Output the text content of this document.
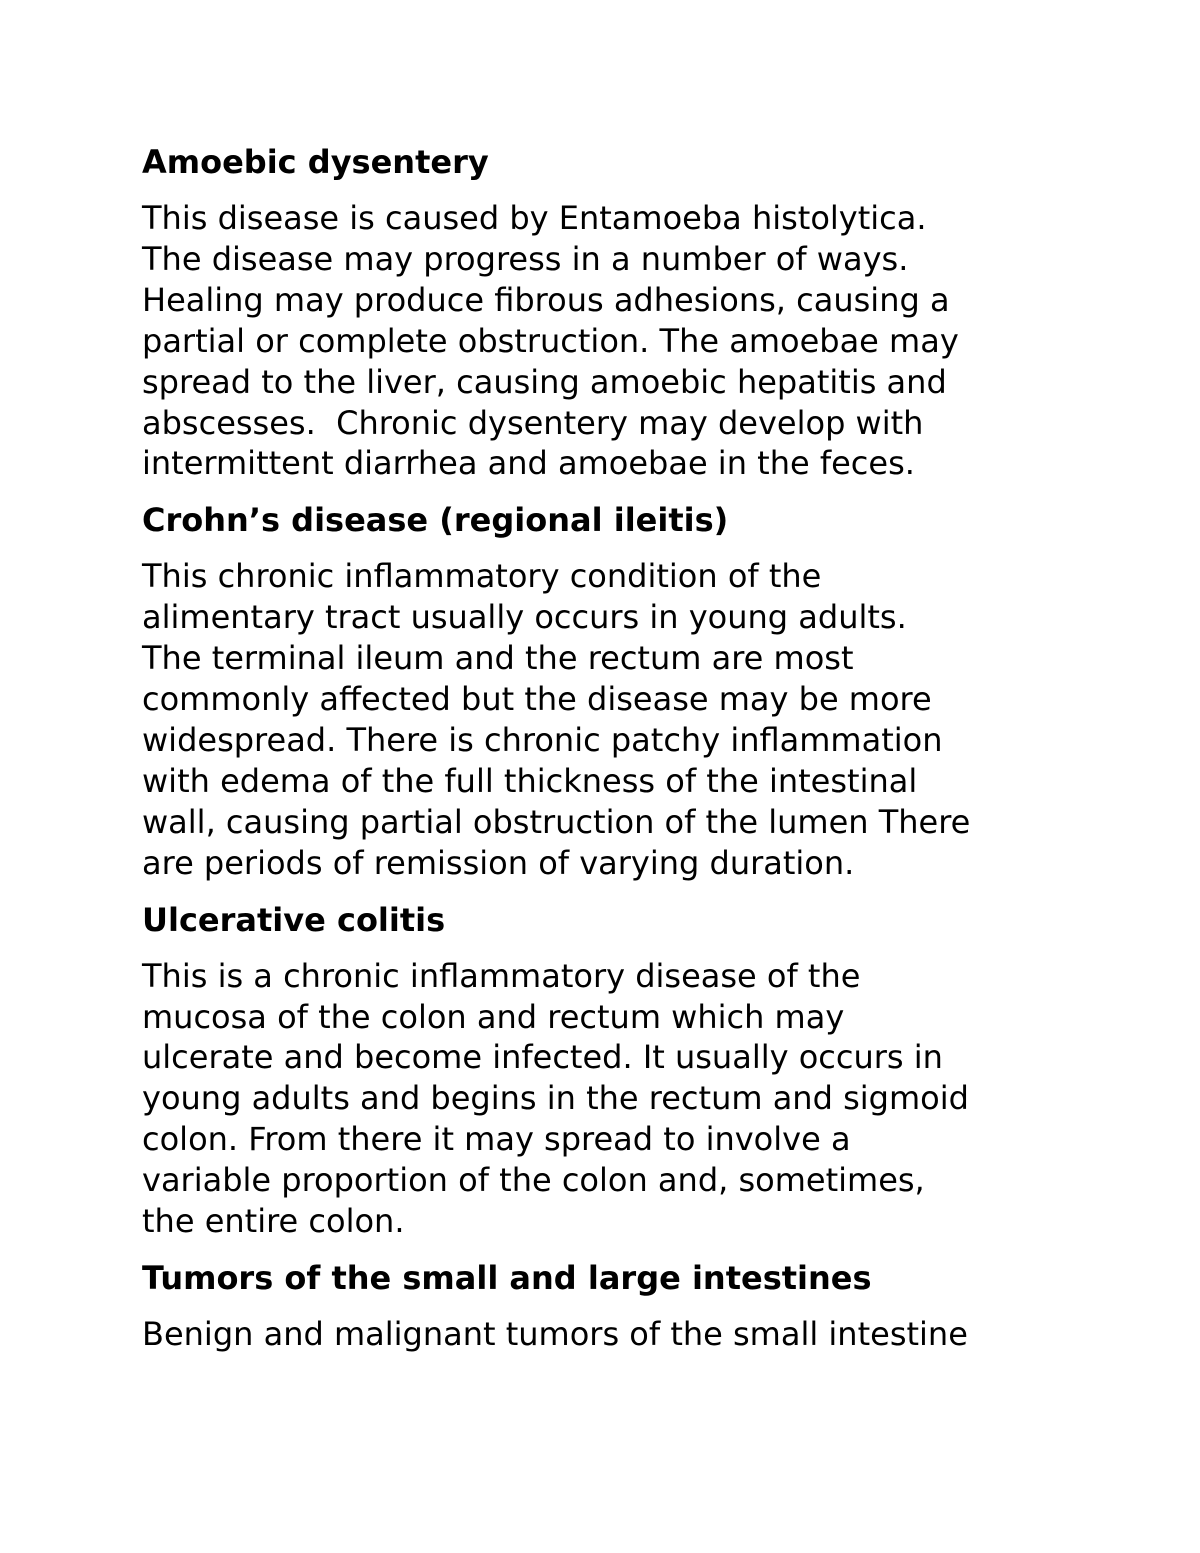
Amoebic dysentery
This disease is caused by Entamoeba histolytica.
The disease may progress in a number of ways.
Healing may produce fibrous adhesions, causing a
partial or complete obstruction. The amoebae may
spread to the liver, causing amoebic hepatitis and
abscesses.  Chronic dysentery may develop with
intermittent diarrhea and amoebae in the feces.
Crohn’s disease (regional ileitis)
This chronic inflammatory condition of the
alimentary tract usually occurs in young adults.
The terminal ileum and the rectum are most
commonly affected but the disease may be more
widespread. There is chronic patchy inflammation
with edema of the full thickness of the intestinal
wall, causing partial obstruction of the lumen There
are periods of remission of varying duration.
Ulcerative colitis
This is a chronic inflammatory disease of the
mucosa of the colon and rectum which may
ulcerate and become infected. It usually occurs in
young adults and begins in the rectum and sigmoid
colon. From there it may spread to involve a
variable proportion of the colon and, sometimes,
the entire colon.
Tumors of the small and large intestines
Benign and malignant tumors of the small intestine
